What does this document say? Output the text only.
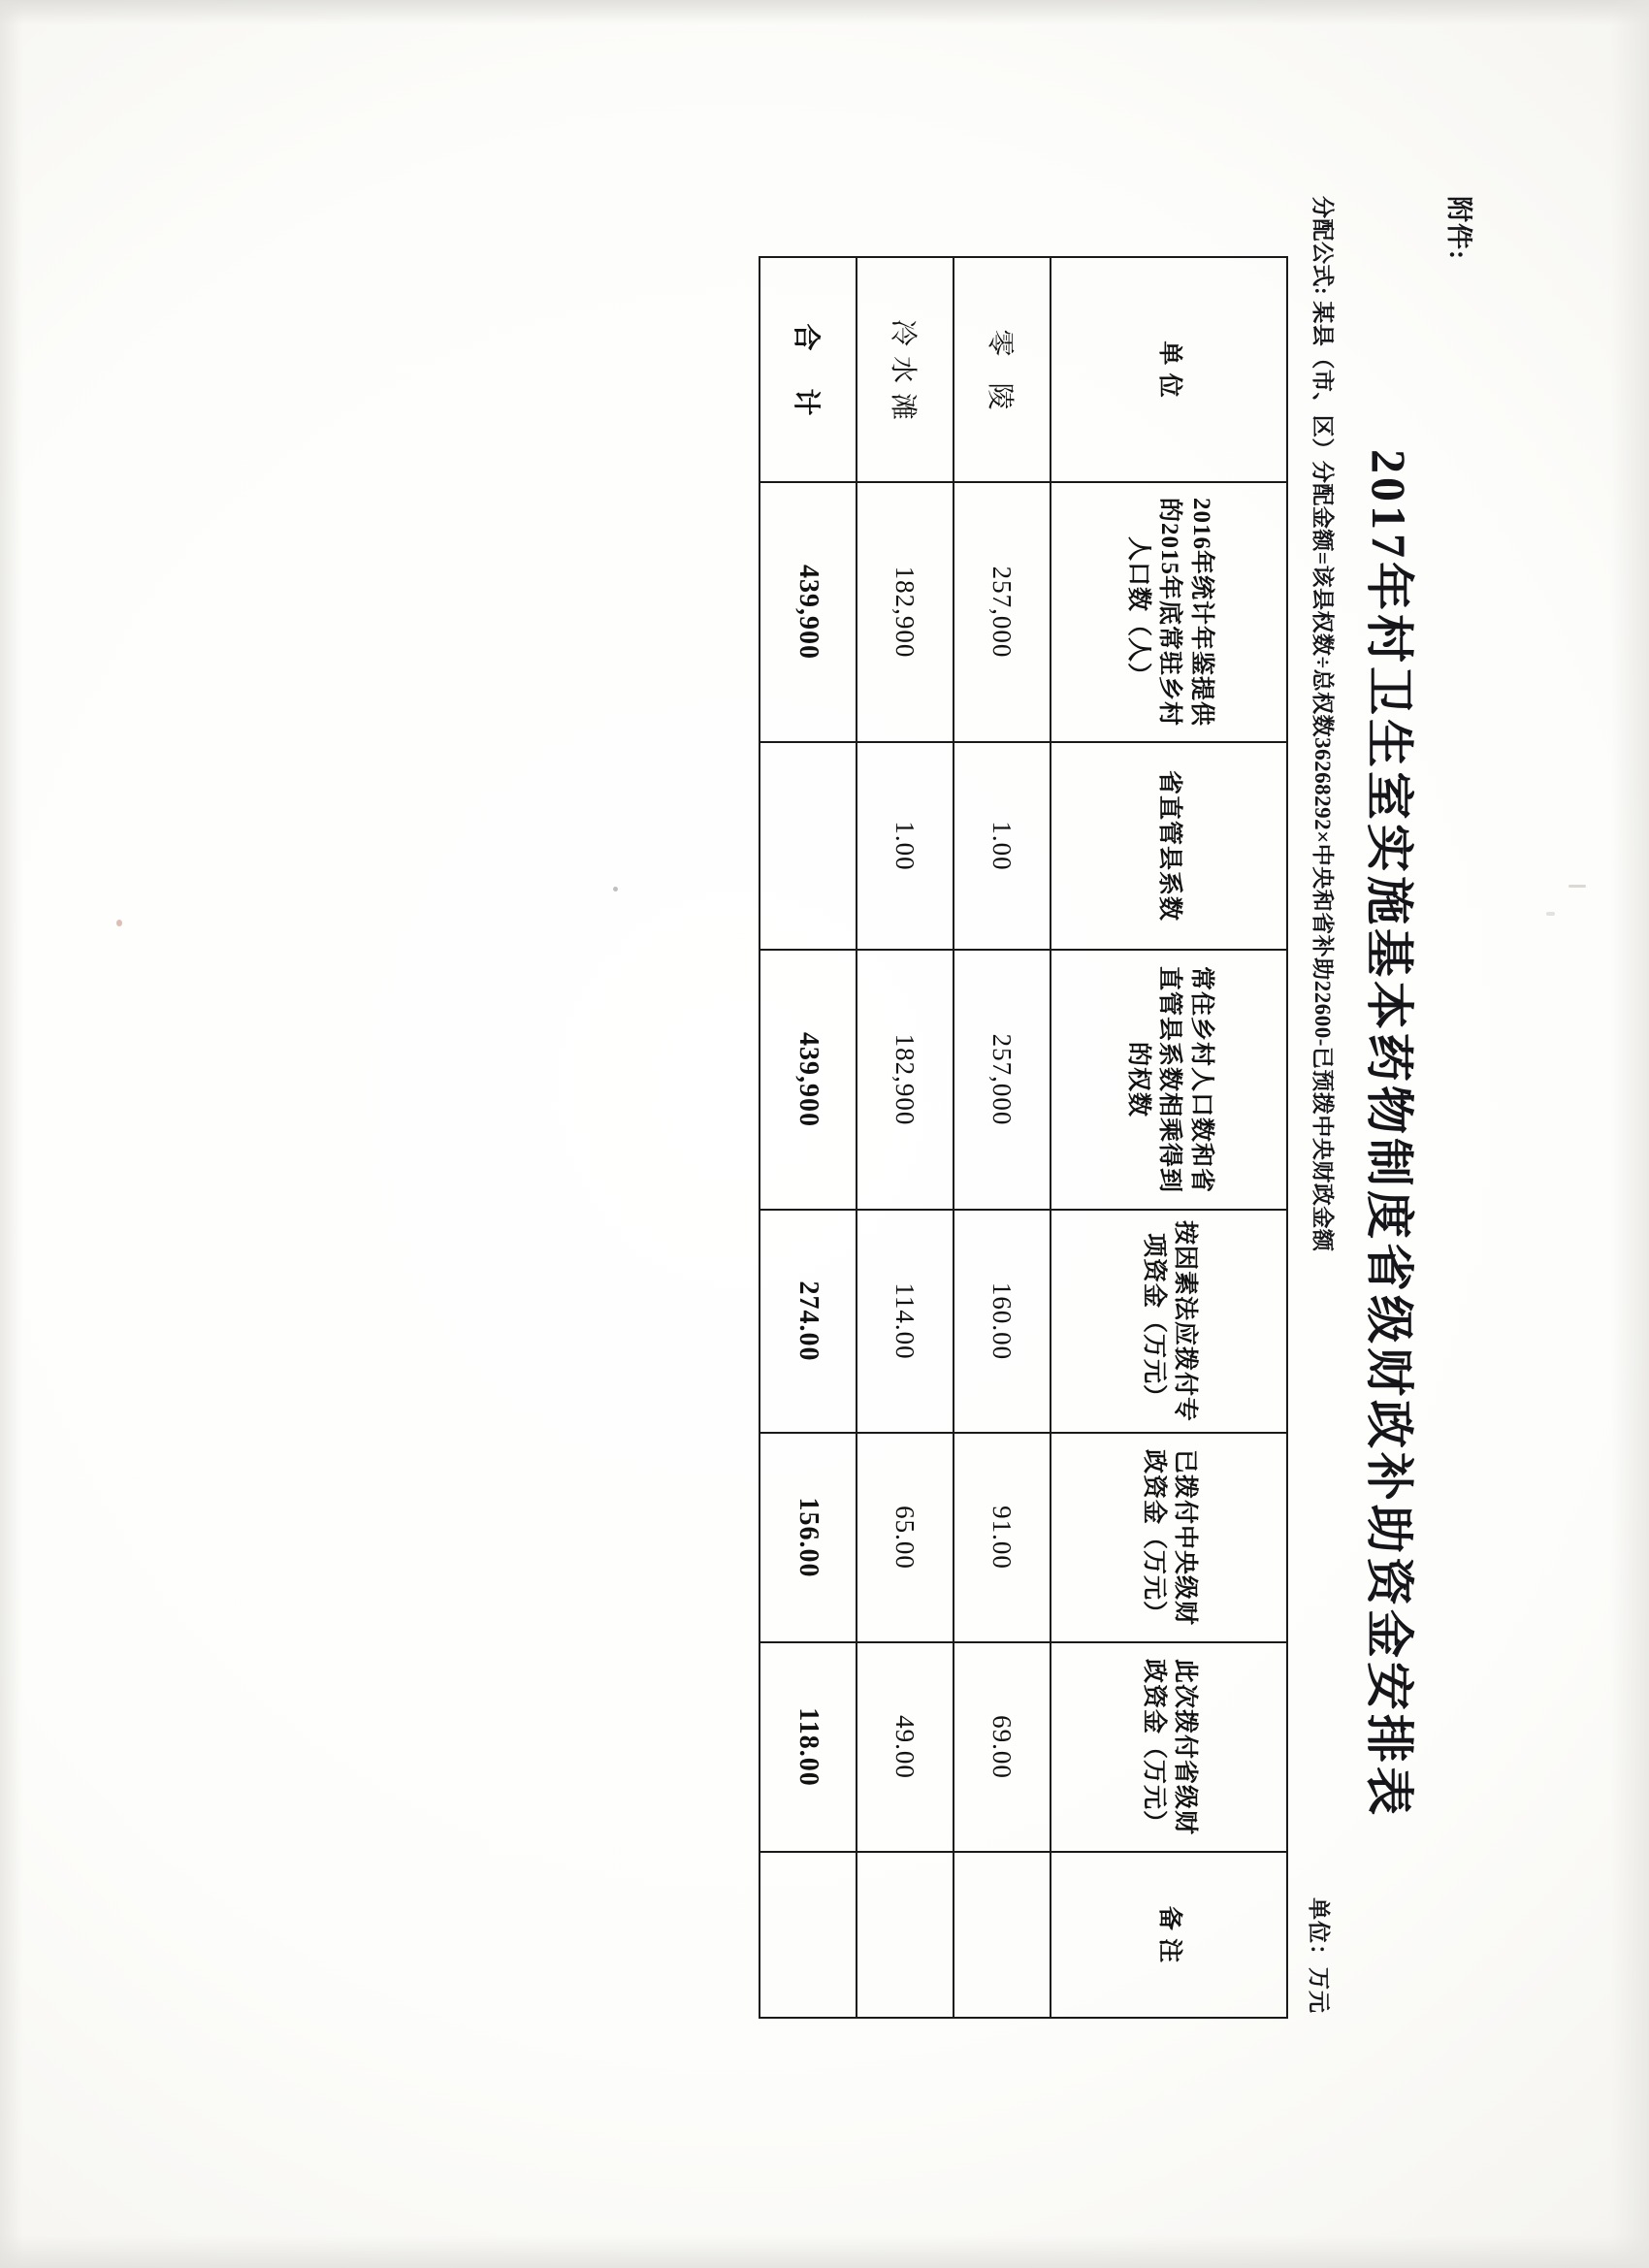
附件:
2017年村卫生室实施基本药物制度省级财政补助资金安排表
分配公式: 某县（市、区）分配金额=该县权数÷总权数36268292×中央和省补助22600-已预拨中央财政金额
单位：万元
单 位	2016年统计年鉴提供的2015年底常驻乡村人口数（人）	省直管县系数	常住乡村人口数和省直管县系数相乘得到的权数	按因素法应拨付专项资金（万元）	已拨付中央级财政资金（万元）	此次拨付省级财政资金（万元）	备 注
零 陵	257,000	1.00	257,000	160.00	91.00	69.00	
冷水滩	182,900	1.00	182,900	114.00	65.00	49.00	
合 计	439,900		439,900	274.00	156.00	118.00	
